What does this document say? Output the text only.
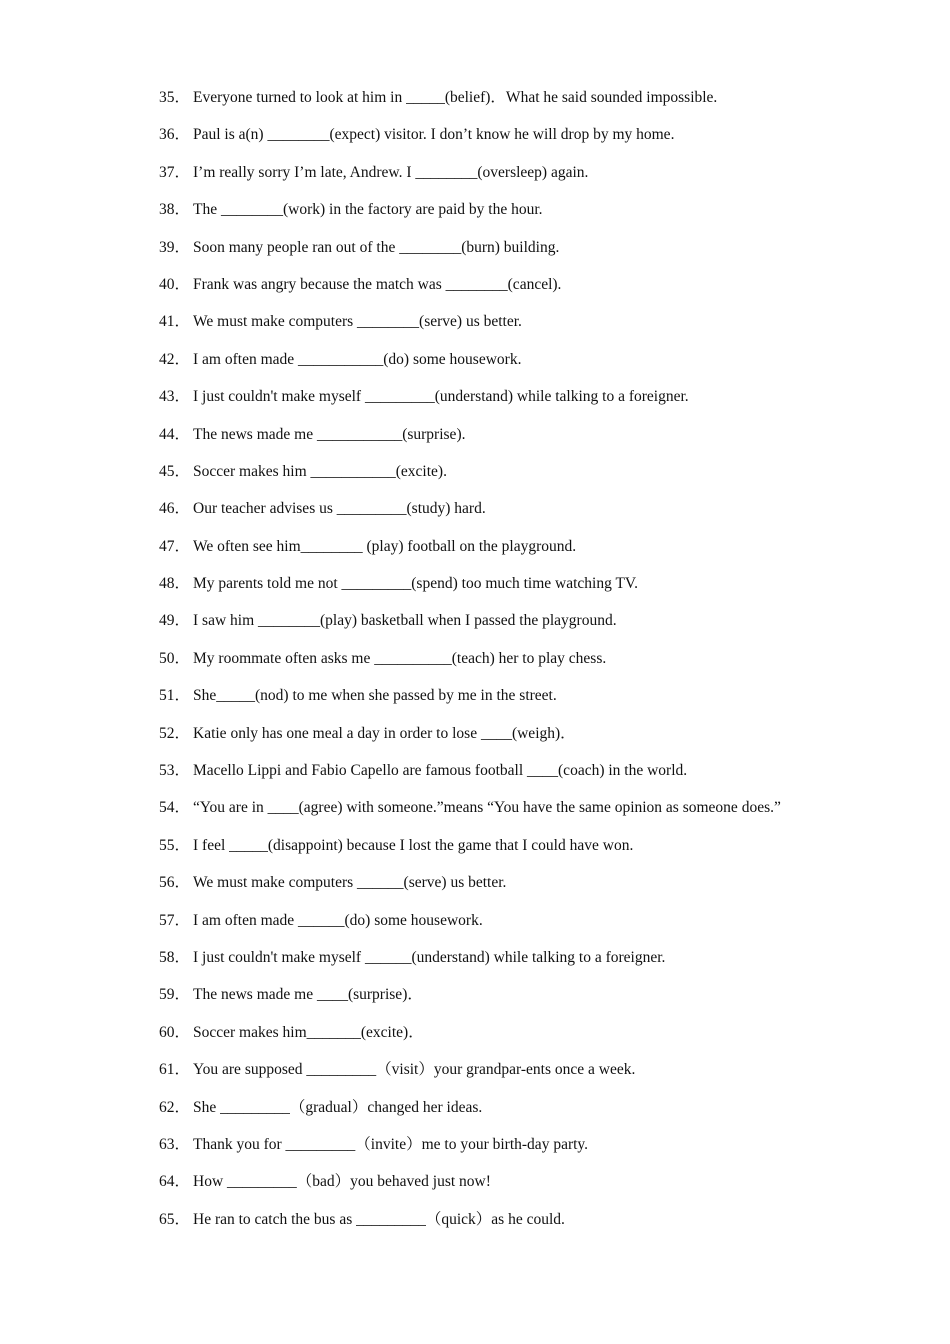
35． Everyone turned to look at him in _____(belief)．What he said sounded impossible.
36． Paul is a(n) ________(expect) visitor. I don’t know he will drop by my home.
37． I’m really sorry I’m late, Andrew. I ________(oversleep) again.
38． The ________(work) in the factory are paid by the hour.
39． Soon many people ran out of the ________(burn) building.
40． Frank was angry because the match was ________(cancel).
41． We must make computers ________(serve) us better.
42． I am often made ___________(do) some housework.
43． I just couldn't make myself _________(understand) while talking to a foreigner.
44． The news made me ___________(surprise).
45． Soccer makes him ___________(excite).
46． Our teacher advises us _________(study) hard.
47． We often see him________ (play) football on the playground.
48． My parents told me not _________(spend) too much time watching TV.
49． I saw him ________(play) basketball when I passed the playground.
50． My roommate often asks me __________(teach) her to play chess.
51． She_____(nod) to me when she passed by me in the street.
52． Katie only has one meal a day in order to lose ____(weigh)．
53． Macello Lippi and Fabio Capello are famous football ____(coach) in the world.
54． “You are in ____(agree) with someone.”means “You have the same opinion as someone does.”
55． I feel _____(disappoint) because I lost the game that I could have won.
56． We must make computers ______(serve) us better.
57． I am often made ______(do) some housework.
58． I just couldn't make myself ______(understand) while talking to a foreigner.
59． The news made me ____(surprise)．
60． Soccer makes him_______(excite)．
61． You are supposed _________（visit）your grandpar-ents once a week.
62． She _________（gradual）changed her ideas.
63． Thank you for _________（invite）me to your birth-day party.
64． How _________（bad）you behaved just now!
65． He ran to catch the bus as _________（quick）as he could.
